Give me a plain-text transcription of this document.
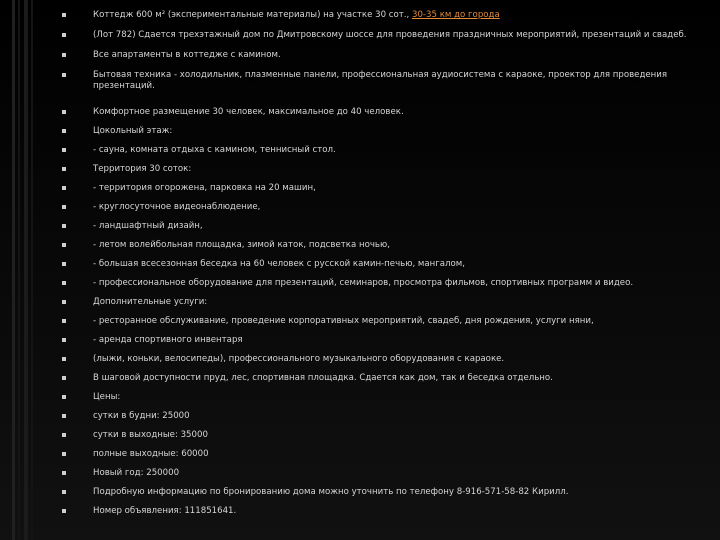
Коттедж 600 м² (экспериментальные материалы) на участке 30 сот., 30-35 км до города
(Лот 782) Сдается трехэтажный дом по Дмитровскому шоссе для проведения праздничных мероприятий, презентаций и свадеб.
Все апартаменты в коттедже с камином.
Бытовая техника - холодильник, плазменные панели, профессиональная аудиосистема с караоке, проектор для проведения презентаций.
Комфортное размещение 30 человек, максимальное до 40 человек.
Цокольный этаж:
- сауна, комната отдыха с камином, теннисный стол.
Территория 30 соток:
- территория огорожена, парковка на 20 машин,
- круглосуточное видеонаблюдение,
- ландшафтный дизайн,
- летом волейбольная площадка, зимой каток, подсветка ночью,
- большая всесезонная беседка на 60 человек с русской камин-печью, мангалом,
- профессиональное оборудование для презентаций, семинаров, просмотра фильмов, спортивных программ и видео.
Дополнительные услуги:
- ресторанное обслуживание, проведение корпоративных мероприятий, свадеб, дня рождения, услуги няни,
- аренда спортивного инвентаря
(лыжи, коньки, велосипеды), профессионального музыкального оборудования с караоке.
В шаговой доступности пруд, лес, спортивная площадка. Сдается как дом, так и беседка отдельно.
Цены:
сутки в будни: 25000
сутки в выходные: 35000
полные выходные: 60000
Новый год: 250000
Подробную информацию по бронированию дома можно уточнить по телефону 8-916-571-58-82 Кирилл.
Номер объявления: 111851641.
